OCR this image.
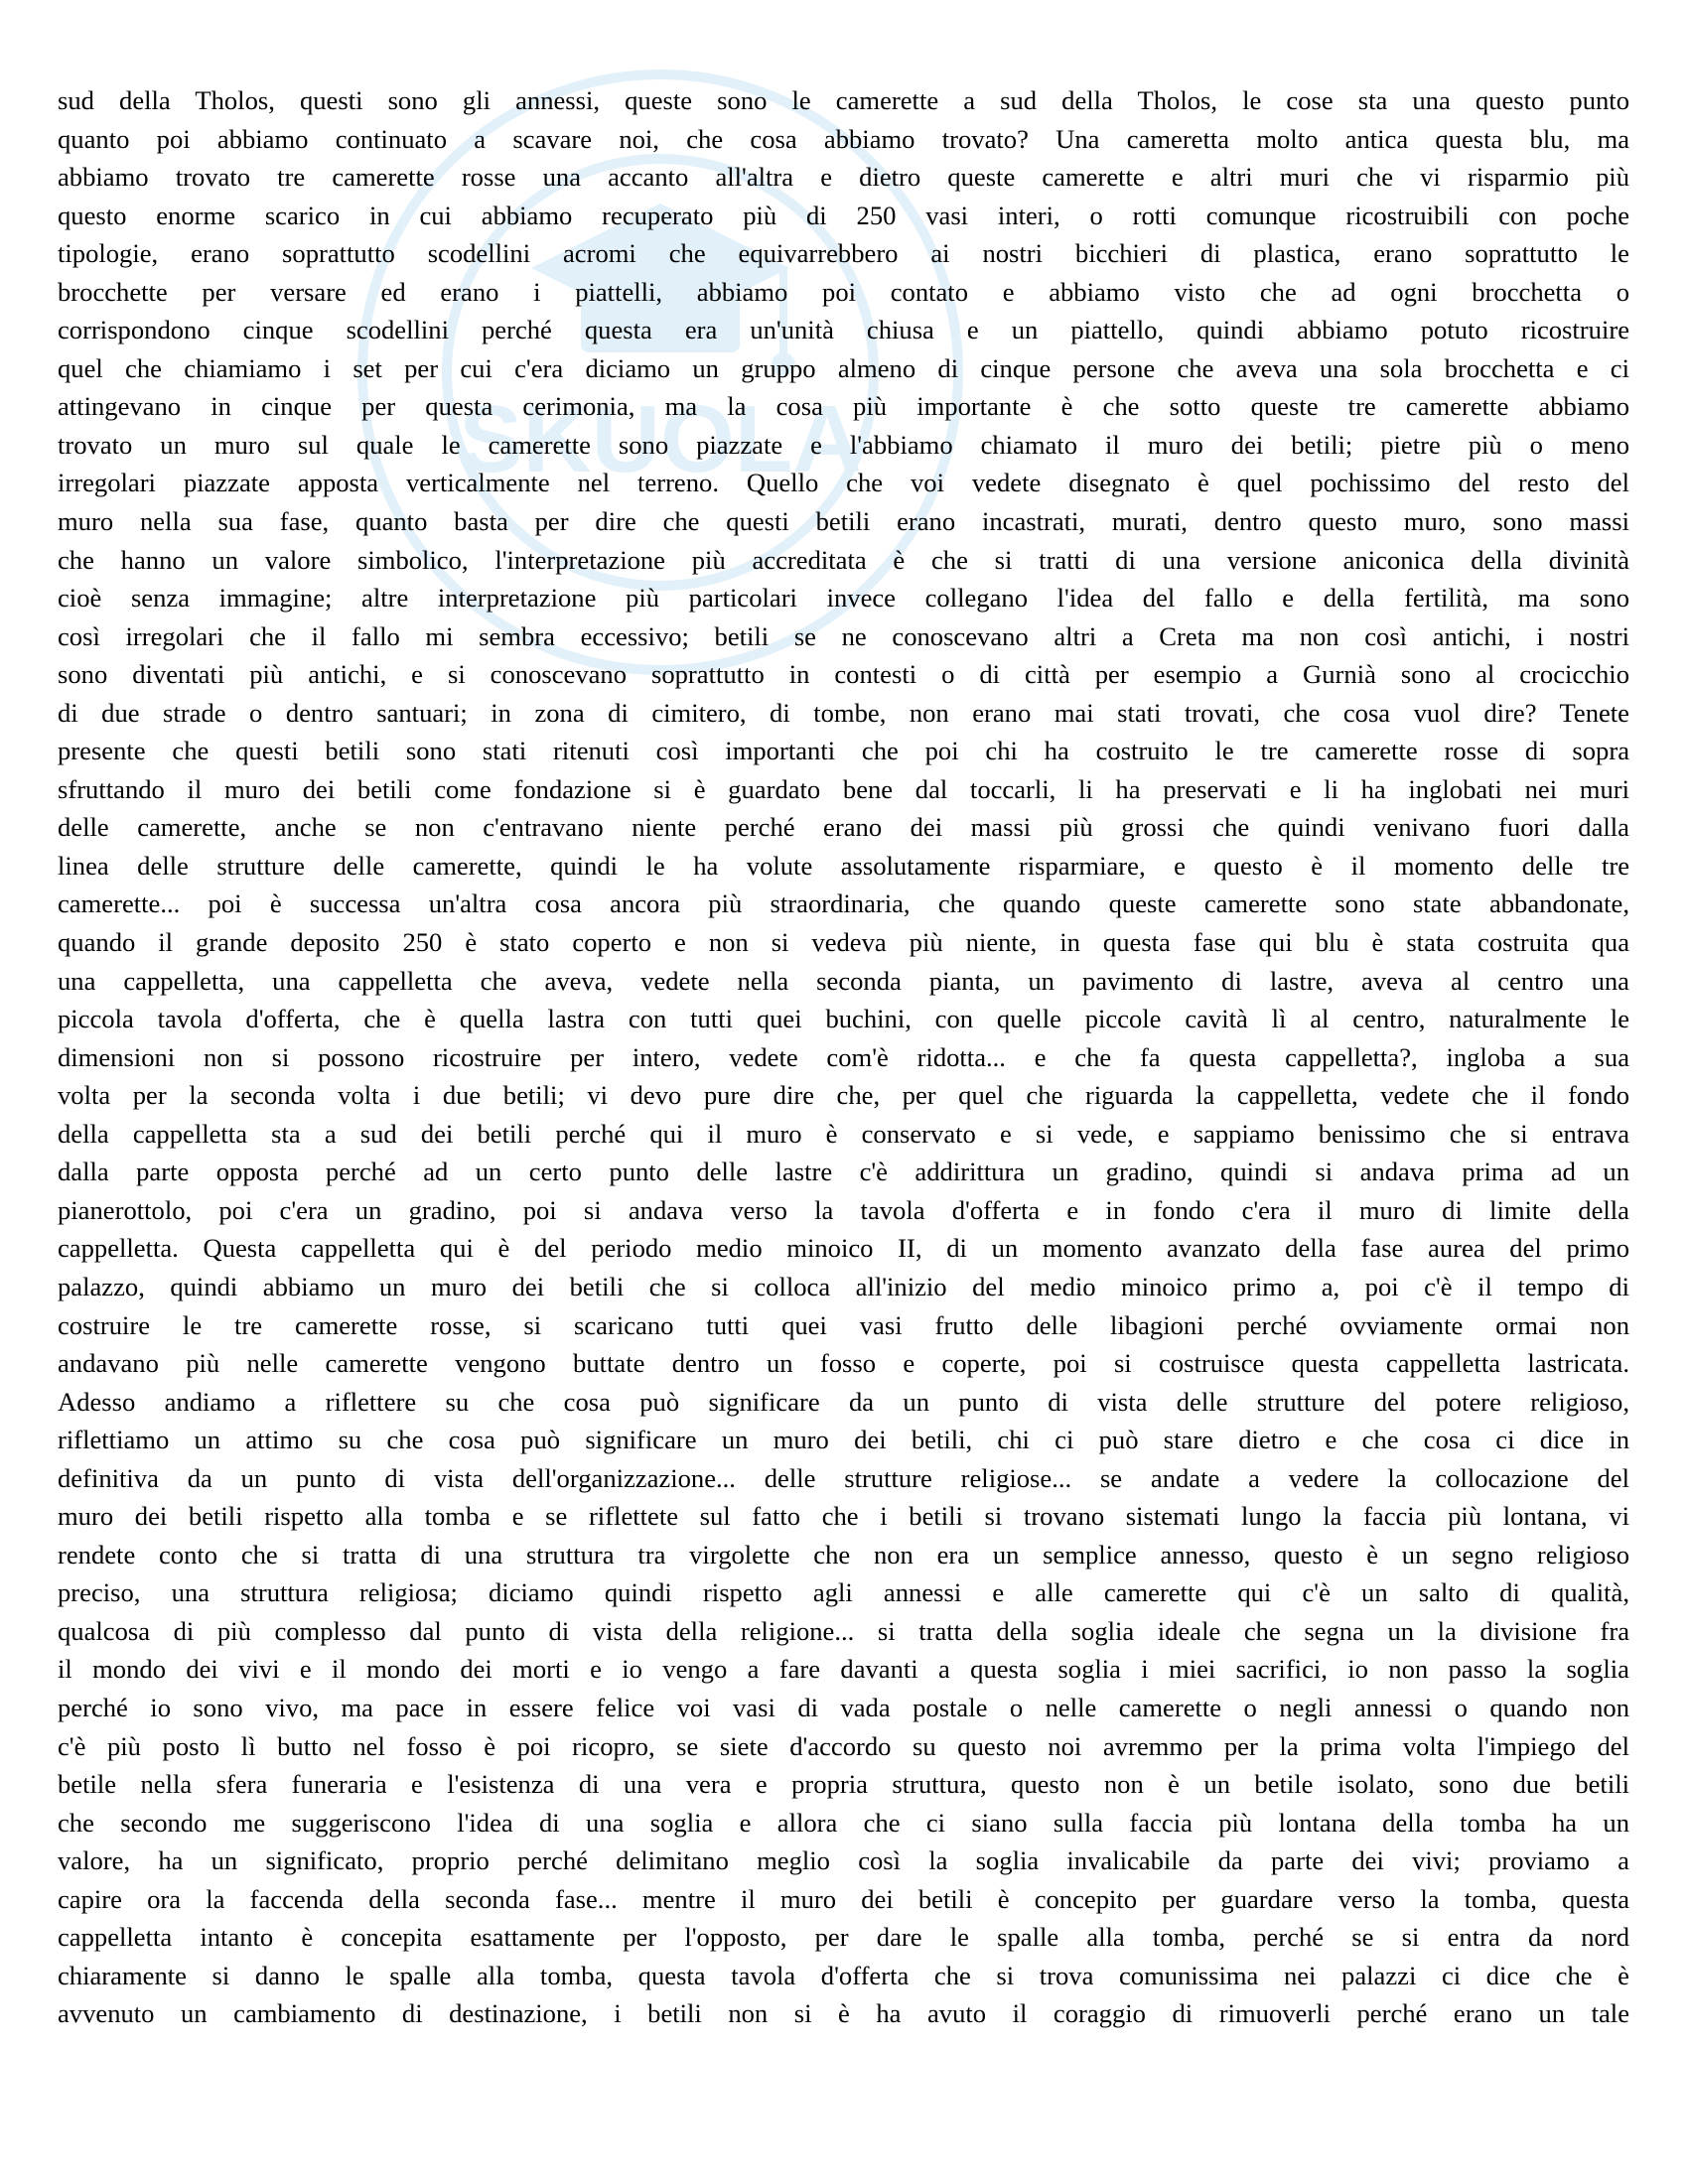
SKUOLA
sud della Tholos, questi sono gli annessi, queste sono le camerette a sud della Tholos, le cose sta una questo punto
quanto poi abbiamo continuato a scavare noi, che cosa abbiamo trovato? Una cameretta molto antica questa blu, ma
abbiamo trovato tre camerette rosse una accanto all'altra e dietro queste camerette e altri muri che vi risparmio più
questo enorme scarico in cui abbiamo recuperato più di 250 vasi interi, o rotti comunque ricostruibili con poche
tipologie, erano soprattutto scodellini acromi che equivarrebbero ai nostri bicchieri di plastica, erano soprattutto le
brocchette per versare ed erano i piattelli, abbiamo poi contato e abbiamo visto che ad ogni brocchetta o
corrispondono cinque scodellini perché questa era un'unità chiusa e un piattello, quindi abbiamo potuto ricostruire
quel che chiamiamo i set per cui c'era diciamo un gruppo almeno di cinque persone che aveva una sola brocchetta e ci
attingevano in cinque per questa cerimonia, ma la cosa più importante è che sotto queste tre camerette abbiamo
trovato un muro sul quale le camerette sono piazzate e l'abbiamo chiamato il muro dei betili; pietre più o meno
irregolari piazzate apposta verticalmente nel terreno. Quello che voi vedete disegnato è quel pochissimo del resto del
muro nella sua fase, quanto basta per dire che questi betili erano incastrati, murati, dentro questo muro, sono massi
che hanno un valore simbolico, l'interpretazione più accreditata è che si tratti di una versione aniconica della divinità
cioè senza immagine; altre interpretazione più particolari invece collegano l'idea del fallo e della fertilità, ma sono
così irregolari che il fallo mi sembra eccessivo; betili se ne conoscevano altri a Creta ma non così antichi, i nostri
sono diventati più antichi, e si conoscevano soprattutto in contesti o di città per esempio a Gurnià sono al crocicchio
di due strade o dentro santuari; in zona di cimitero, di tombe, non erano mai stati trovati, che cosa vuol dire? Tenete
presente che questi betili sono stati ritenuti così importanti che poi chi ha costruito le tre camerette rosse di sopra
sfruttando il muro dei betili come fondazione si è guardato bene dal toccarli, li ha preservati e li ha inglobati nei muri
delle camerette, anche se non c'entravano niente perché erano dei massi più grossi che quindi venivano fuori dalla
linea delle strutture delle camerette, quindi le ha volute assolutamente risparmiare, e questo è il momento delle tre
camerette... poi è successa un'altra cosa ancora più straordinaria, che quando queste camerette sono state abbandonate,
quando il grande deposito 250 è stato coperto e non si vedeva più niente, in questa fase qui blu è stata costruita qua
una cappelletta, una cappelletta che aveva, vedete nella seconda pianta, un pavimento di lastre, aveva al centro una
piccola tavola d'offerta, che è quella lastra con tutti quei buchini, con quelle piccole cavità lì al centro, naturalmente le
dimensioni non si possono ricostruire per intero, vedete com'è ridotta... e che fa questa cappelletta?, ingloba a sua
volta per la seconda volta i due betili; vi devo pure dire che, per quel che riguarda la cappelletta, vedete che il fondo
della cappelletta sta a sud dei betili perché qui il muro è conservato e si vede, e sappiamo benissimo che si entrava
dalla parte opposta perché ad un certo punto delle lastre c'è addirittura un gradino, quindi si andava prima ad un
pianerottolo, poi c'era un gradino, poi si andava verso la tavola d'offerta e in fondo c'era il muro di limite della
cappelletta. Questa cappelletta qui è del periodo medio minoico II, di un momento avanzato della fase aurea del primo
palazzo, quindi abbiamo un muro dei betili che si colloca all'inizio del medio minoico primo a, poi c'è il tempo di
costruire le tre camerette rosse, si scaricano tutti quei vasi frutto delle libagioni perché ovviamente ormai non
andavano più nelle camerette vengono buttate dentro un fosso e coperte, poi si costruisce questa cappelletta lastricata.
Adesso andiamo a riflettere su che cosa può significare da un punto di vista delle strutture del potere religioso,
riflettiamo un attimo su che cosa può significare un muro dei betili, chi ci può stare dietro e che cosa ci dice in
definitiva da un punto di vista dell'organizzazione... delle strutture religiose... se andate a vedere la collocazione del
muro dei betili rispetto alla tomba e se riflettete sul fatto che i betili si trovano sistemati lungo la faccia più lontana, vi
rendete conto che si tratta di una struttura tra virgolette che non era un semplice annesso, questo è un segno religioso
preciso, una struttura religiosa; diciamo quindi rispetto agli annessi e alle camerette qui c'è un salto di qualità,
qualcosa di più complesso dal punto di vista della religione... si tratta della soglia ideale che segna un la divisione fra
il mondo dei vivi e il mondo dei morti e io vengo a fare davanti a questa soglia i miei sacrifici, io non passo la soglia
perché io sono vivo, ma pace in essere felice voi vasi di vada postale o nelle camerette o negli annessi o quando non
c'è più posto lì butto nel fosso è poi ricopro, se siete d'accordo su questo noi avremmo per la prima volta l'impiego del
betile nella sfera funeraria e l'esistenza di una vera e propria struttura, questo non è un betile isolato, sono due betili
che secondo me suggeriscono l'idea di una soglia e allora che ci siano sulla faccia più lontana della tomba ha un
valore, ha un significato, proprio perché delimitano meglio così la soglia invalicabile da parte dei vivi; proviamo a
capire ora la faccenda della seconda fase... mentre il muro dei betili è concepito per guardare verso la tomba, questa
cappelletta intanto è concepita esattamente per l'opposto, per dare le spalle alla tomba, perché se si entra da nord
chiaramente si danno le spalle alla tomba, questa tavola d'offerta che si trova comunissima nei palazzi ci dice che è
avvenuto un cambiamento di destinazione, i betili non si è ha avuto il coraggio di rimuoverli perché erano un tale
